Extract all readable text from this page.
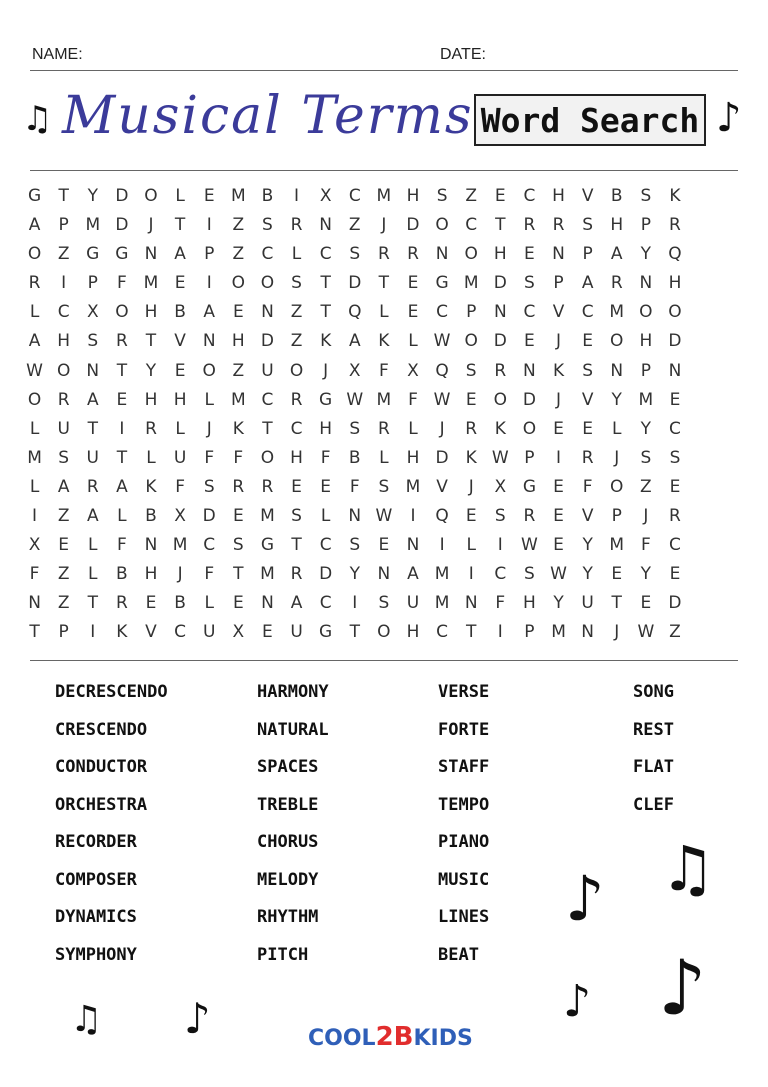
NAME:	DATE:
♫ Musical Terms Word Search ♪
G	T	Y	D O	L	E M B	I	X	C M H	S	Z	E	C H V	B	S	K
A	P M D	J	T	I	Z	S	R N Z	J	D O C	T	R	R	S	H	P	R
O Z G G N A	P	Z	C	L	C	S	R	R N O H	E	N	P	A	Y	Q
R	I	P	F M E	I	O O	S	T	D	T	E	G M D	S	P	A	R N H
L	C	X O H B	A	E	N Z	T	Q	L	E	C	P	N C	V	C M O O
A H	S	R	T	V N H D Z	K	A	K	L W O D	E	J	E	O H D
W O N	T	Y	E	O Z	U O	J	X	F	X Q	S	R N	K	S	N	P	N
O R	A	E	H H	L	M C	R G W M F W E	O D	J	V	Y M E
L	U	T	I	R	L	J	K	T	C H	S	R	L	J	R	K O	E	E	L	Y	C
M S	U	T	L	U	F	F	O H	F	B	L	H D K W P	I	R	J	S	S
L	A	R	A	K	F	S	R	R	E	E	F	S M V	J	X G	E	F	O Z	E
I	Z	A	L	B	X D	E M S	L	N W	I	Q	E	S	R	E	V	P	J	R
X	E	L	F	N M C	S	G	T	C	S	E	N	I	L	I	W E	Y M F	C
F	Z	L	B H	J	F	T M R D	Y	N A M	I	C	S W Y	E	Y	E
N Z	T	R	E	B	L	E	N A	C	I	S	U M N	F	H	Y	U	T	E	D
T	P	I	K	V	C U	X	E	U G	T	O H C	T	I	P M N	J	W Z
DECRESCENDO
CRESCENDO
CONDUCTOR
ORCHESTRA
RECORDER
COMPOSER
DYNAMICS
SYMPHONY
HARMONY
NATURAL
SPACES
TREBLE
CHORUS
MELODY
RHYTHM
PITCH
VERSE
FORTE
STAFF
TEMPO
PIANO
MUSIC
LINES
BEAT
SONG
REST
FLAT
CLEF
♪ ♫
♪ ♪
♫ ♪	COOL2BKIDS
